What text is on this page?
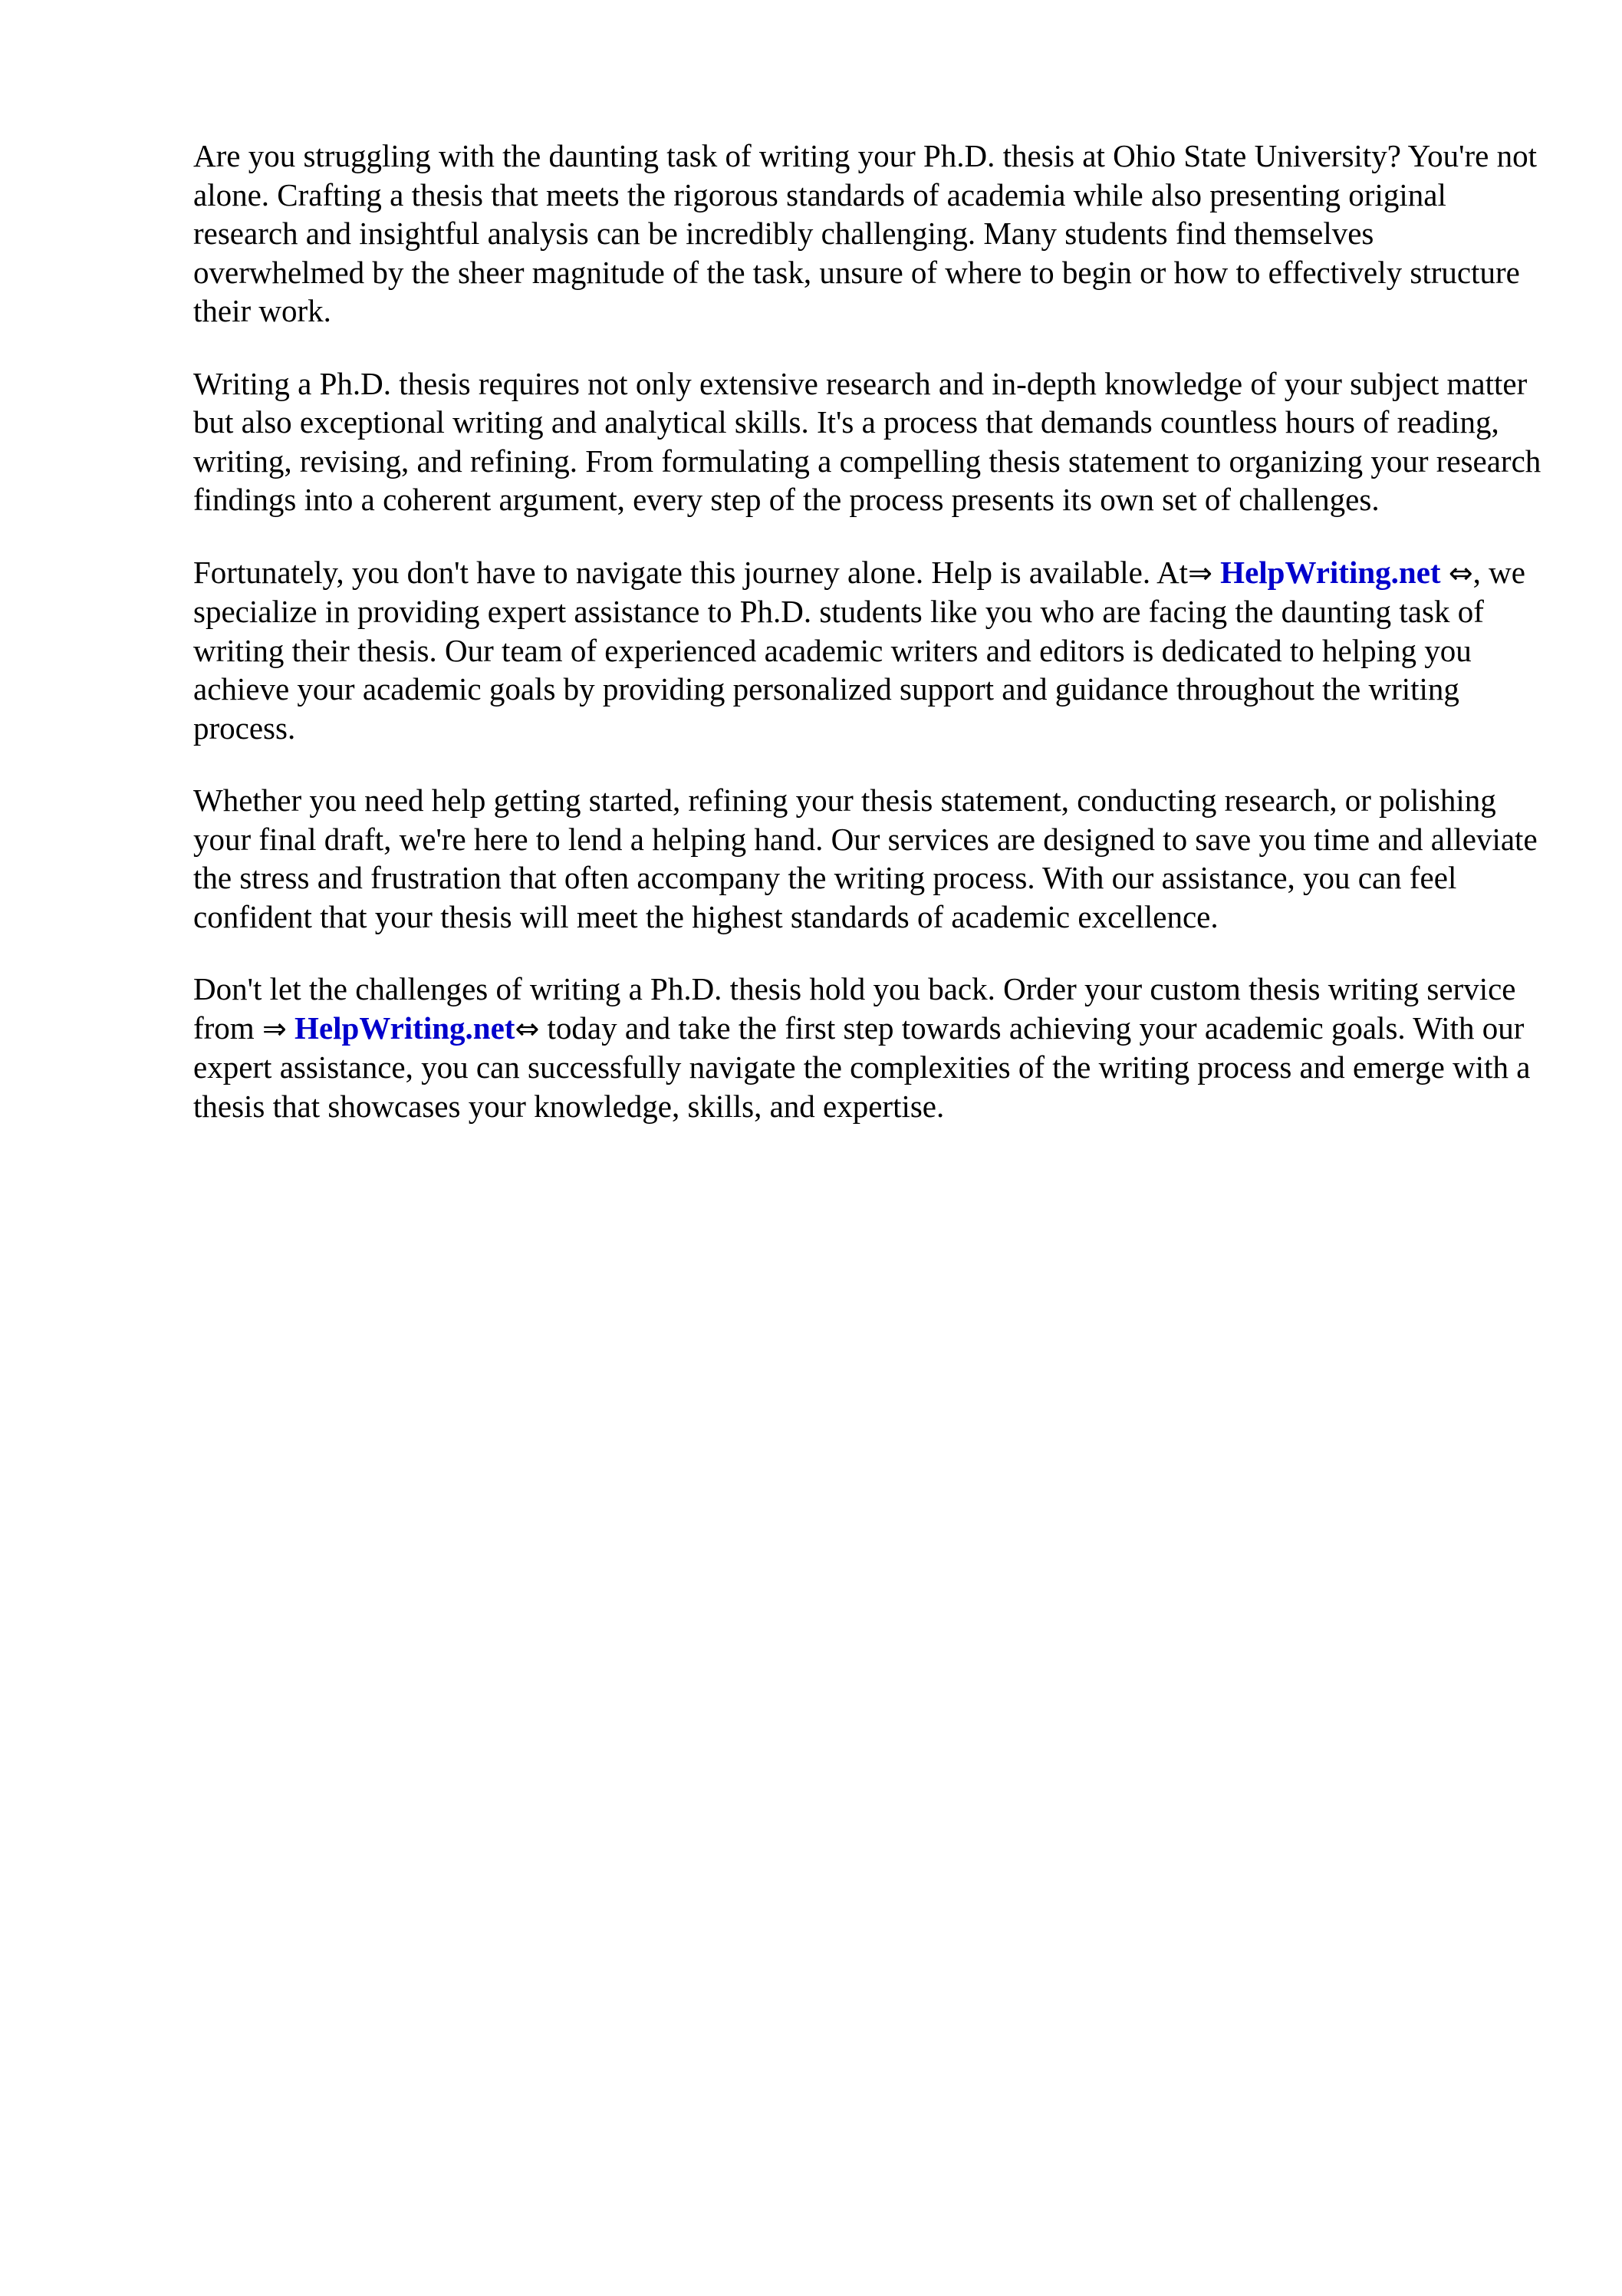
Are you struggling with the daunting task of writing your Ph.D. thesis at Ohio State University? You're not alone. Crafting a thesis that meets the rigorous standards of academia while also presenting original research and insightful analysis can be incredibly challenging. Many students find themselves overwhelmed by the sheer magnitude of the task, unsure of where to begin or how to effectively structure their work.

Writing a Ph.D. thesis requires not only extensive research and in-depth knowledge of your subject matter but also exceptional writing and analytical skills. It's a process that demands countless hours of reading, writing, revising, and refining. From formulating a compelling thesis statement to organizing your research findings into a coherent argument, every step of the process presents its own set of challenges.

Fortunately, you don't have to navigate this journey alone. Help is available. At⇒ HelpWriting.net ⇔, we specialize in providing expert assistance to Ph.D. students like you who are facing the daunting task of writing their thesis. Our team of experienced academic writers and editors is dedicated to helping you achieve your academic goals by providing personalized support and guidance throughout the writing process.

Whether you need help getting started, refining your thesis statement, conducting research, or polishing your final draft, we're here to lend a helping hand. Our services are designed to save you time and alleviate the stress and frustration that often accompany the writing process. With our assistance, you can feel confident that your thesis will meet the highest standards of academic excellence.

Don't let the challenges of writing a Ph.D. thesis hold you back. Order your custom thesis writing service from ⇒ HelpWriting.net⇔ today and take the first step towards achieving your academic goals. With our expert assistance, you can successfully navigate the complexities of the writing process and emerge with a thesis that showcases your knowledge, skills, and expertise.
